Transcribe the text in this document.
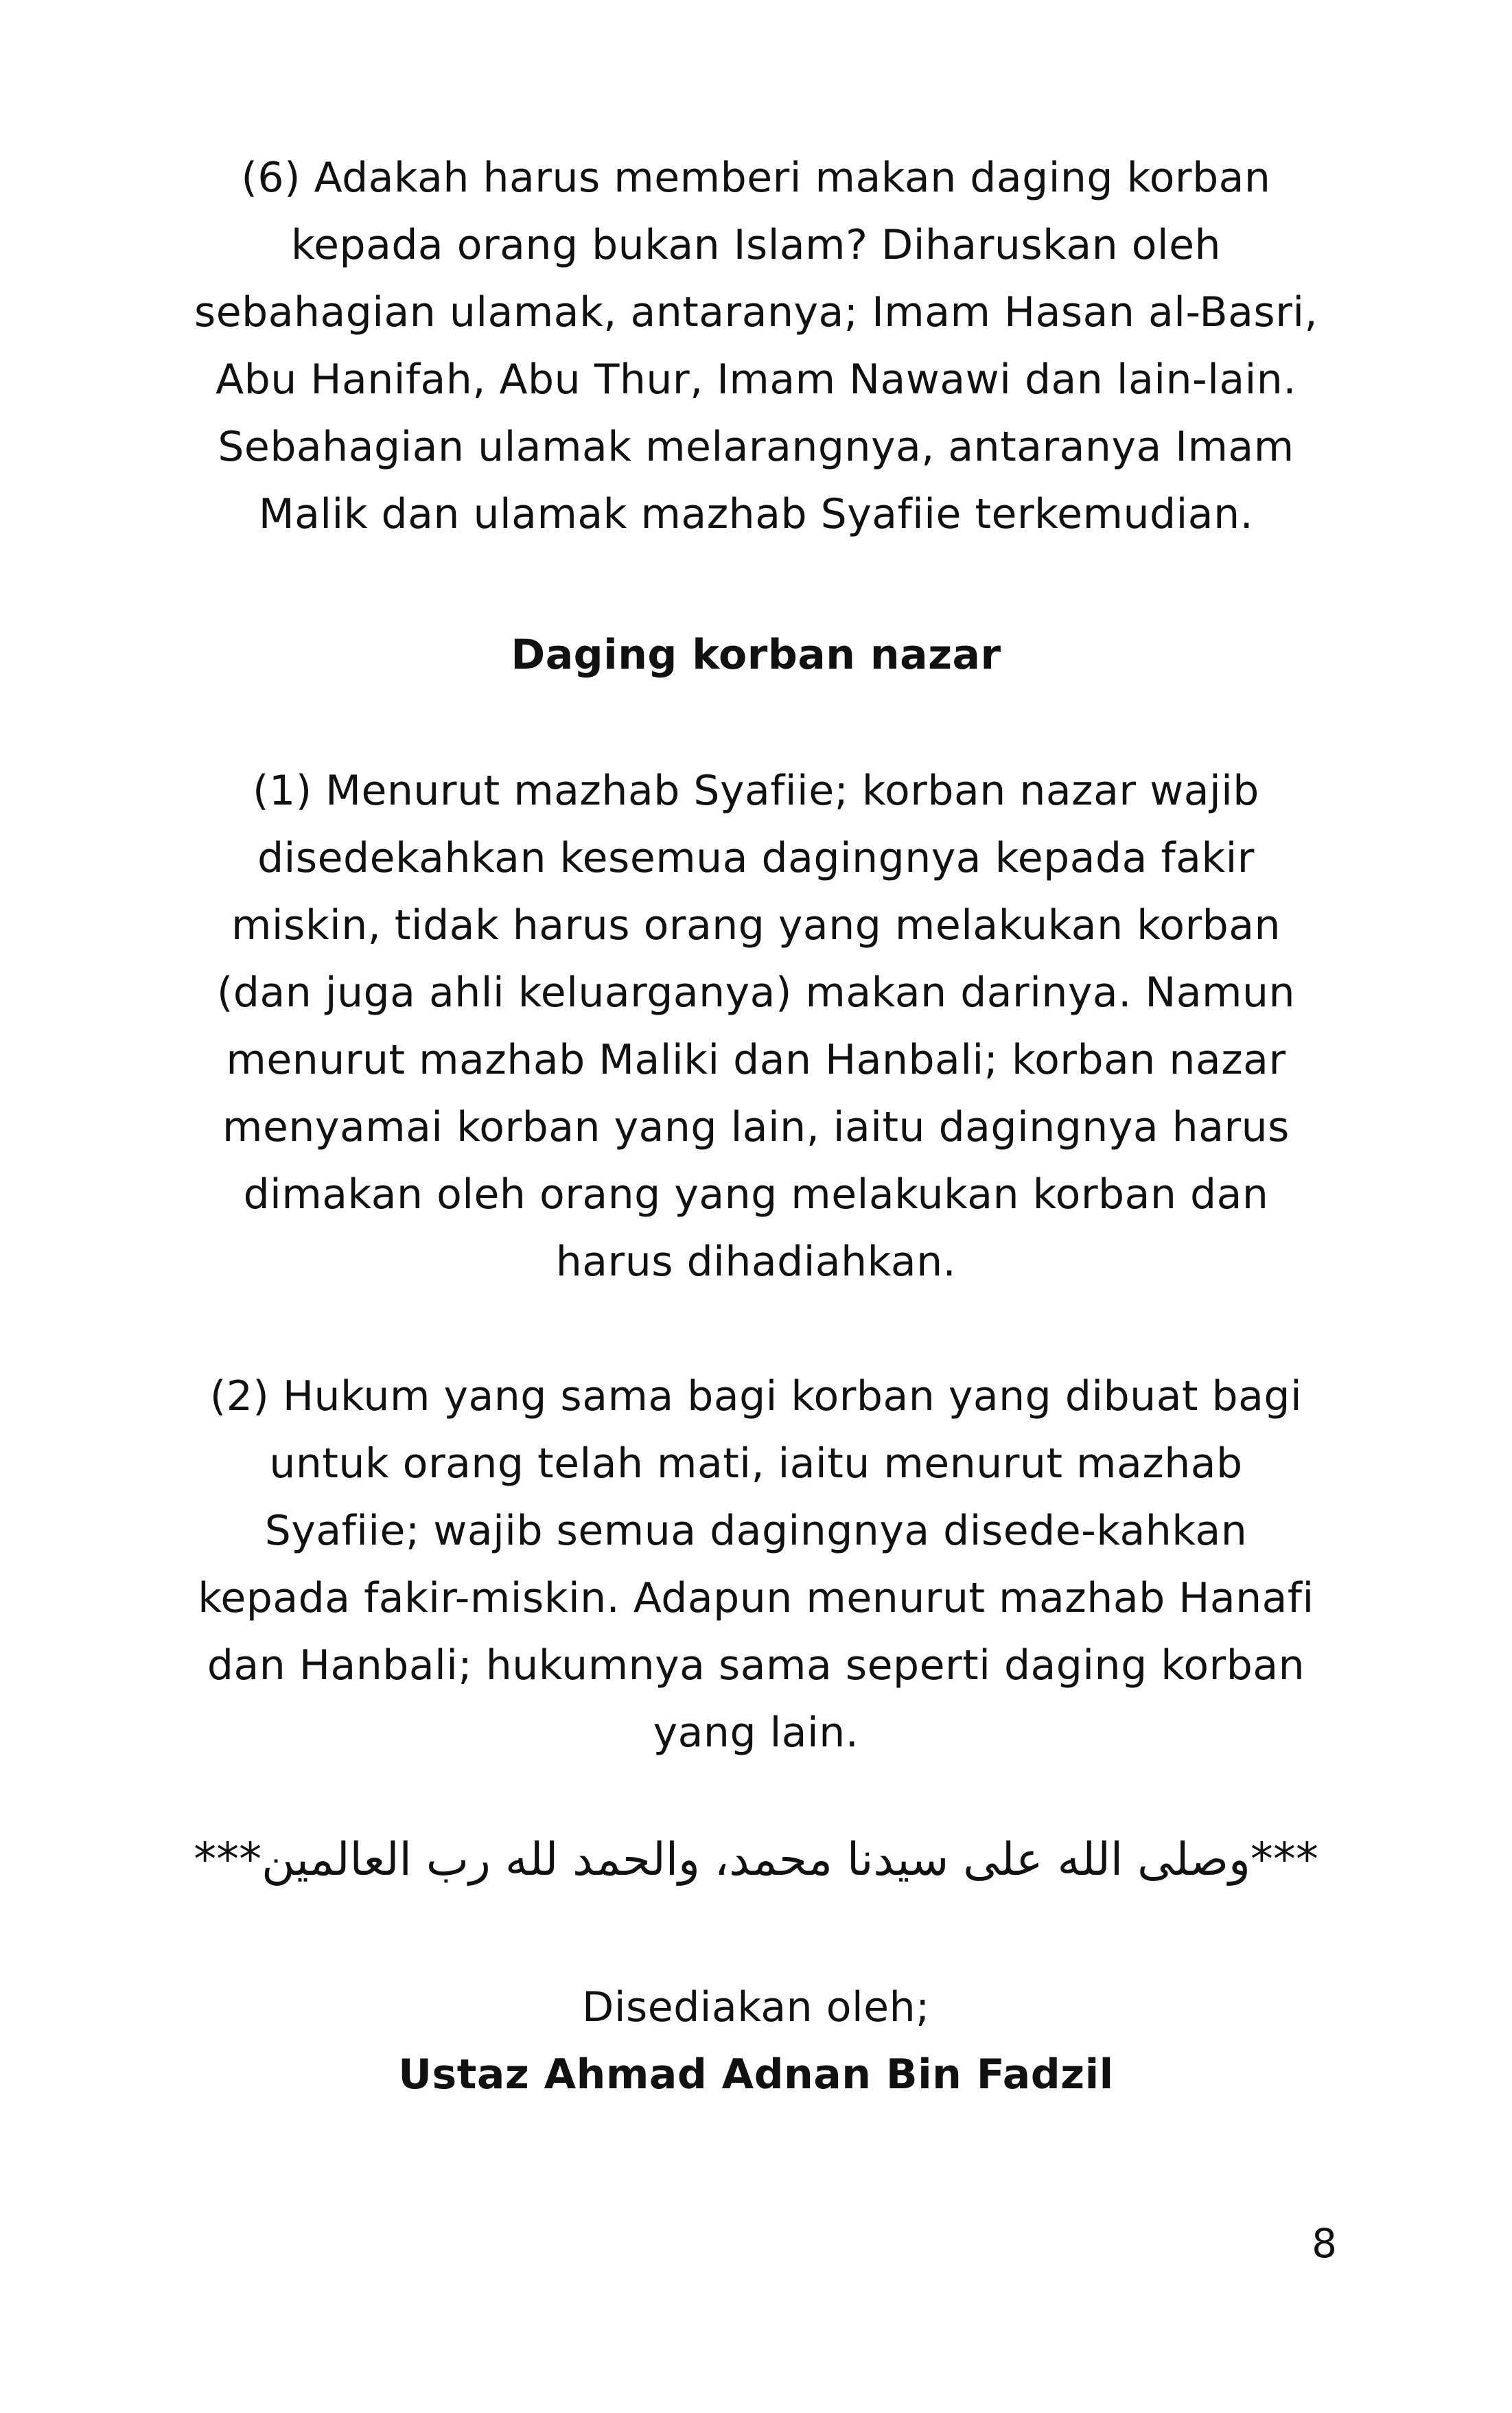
(6) Adakah harus memberi makan daging korban

kepada orang bukan Islam? Diharuskan oleh

sebahagian ulamak, antaranya; Imam Hasan al-Basri,

Abu Hanifah, Abu Thur, Imam Nawawi dan lain-lain.

Sebahagian ulamak melarangnya, antaranya Imam

Malik dan ulamak mazhab Syafiie terkemudian.

Daging korban nazar

(1) Menurut mazhab Syafiie; korban nazar wajib

disedekahkan kesemua dagingnya kepada fakir

miskin, tidak harus orang yang melakukan korban

(dan juga ahli keluarganya) makan darinya. Namun

menurut mazhab Maliki dan Hanbali; korban nazar

menyamai korban yang lain, iaitu dagingnya harus

dimakan oleh orang yang melakukan korban dan

harus dihadiahkan.

(2) Hukum yang sama bagi korban yang dibuat bagi

untuk orang telah mati, iaitu menurut mazhab

Syafiie; wajib semua dagingnya disede-kahkan

kepada fakir-miskin. Adapun menurut mazhab Hanafi

dan Hanbali; hukumnya sama seperti daging korban

yang lain.

***وصلى الله على سيدنا محمد، والحمد لله رب العالمين***

Disediakan oleh;

Ustaz Ahmad Adnan Bin Fadzil

8
